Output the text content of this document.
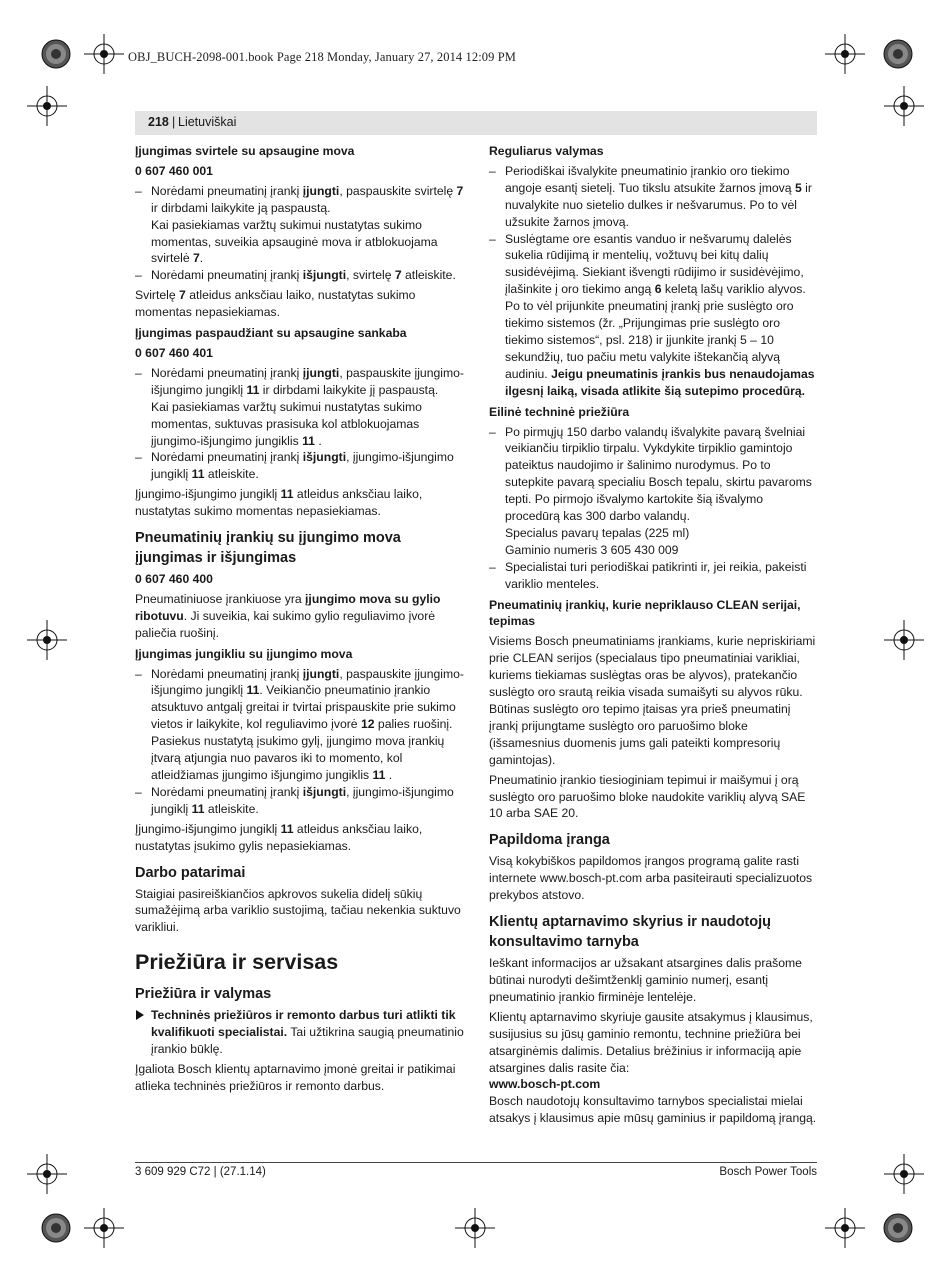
OBJ_BUCH-2098-001.book Page 218 Monday, January 27, 2014 12:09 PM
218 | Lietuviškai
Įjungimas svirtele su apsaugine mova
0 607 460 001
– Norėdami pneumatinį įrankį įjungti, paspauskite svirtelę 7 ir dirbdami laikykite ją paspaustą.
Kai pasiekiamas varžtų sukimui nustatytas sukimo momentas, suveikia apsauginė mova ir atblokuojama svirtelė 7.
– Norėdami pneumatinį įrankį išjungti, svirtelę 7 atleiskite.

Svirtelę 7 atleidus anksčiau laiko, nustatytas sukimo momentas nepasiekiamas.

Įjungimas paspaudžiant su apsaugine sankaba
0 607 460 401
– Norėdami pneumatinį įrankį įjungti, paspauskite įjungimo-išjungimo jungiklį 11 ir dirbdami laikykite jį paspaustą.
Kai pasiekiamas varžtų sukimui nustatytas sukimo momentas, suktuvas prasisuka kol atblokuojamas įjungimo-išjungimo jungiklis 11 .
– Norėdami pneumatinį įrankį išjungti, įjungimo-išjungimo jungiklį 11 atleiskite.

Įjungimo-išjungimo jungiklį 11 atleidus anksčiau laiko, nustatytas sukimo momentas nepasiekiamas.

Pneumatinių įrankių su įjungimo mova įjungimas ir išjungimas
0 607 460 400

Pneumatiniuose įrankiuose yra įjungimo mova su gylio ribotuvu. Ji suveikia, kai sukimo gylio reguliavimo įvorė paliečia ruošinį.

Įjungimas jungikliu su įjungimo mova
– Norėdami pneumatinį įrankį įjungti, paspauskite įjungimo-išjungimo jungiklį 11. Veikiančio pneumatinio įrankio atsuktuvo antgalį greitai ir tvirtai prispauskite prie sukimo vietos ir laikykite, kol reguliavimo įvorė 12 palies ruošinį.
Pasiekus nustatytą įsukimo gylį, įjungimo mova įrankių įtvarą atjungia nuo pavaros iki to momento, kol atleidžiamas įjungimo išjungimo jungiklis 11 .
– Norėdami pneumatinį įrankį išjungti, įjungimo-išjungimo jungiklį 11 atleiskite.

Įjungimo-išjungimo jungiklį 11 atleidus anksčiau laiko, nustatytas įsukimo gylis nepasiekiamas.

Darbo patarimai

Staigiai pasireiškiančios apkrovos sukelia didelį sūkių sumažėjimą arba variklio sustojimą, tačiau nekenkia suktuvo varikliui.

Priežiūra ir servisas
Priežiūra ir valymas
Techninės priežiūros ir remonto darbus turi atlikti tik kvalifikuoti specialistai. Tai užtikrina saugią pneumatinio įrankio būklę.

Įgaliota Bosch klientų aptarnavimo įmonė greitai ir patikimai atlieka techninės priežiūros ir remonto darbus.

Reguliarus valymas
– Periodiškai išvalykite pneumatinio įrankio oro tiekimo angoje esantį sietelį. Tuo tikslu atsukite žarnos įmovą 5 ir nuvalykite nuo sietelio dulkes ir nešvarumus. Po to vėl užsukite žarnos įmovą.
– Suslėgtame ore esantis vanduo ir nešvarumų dalelės sukelia rūdijimą ir mentelių, vožtuvų bei kitų dalių susidėvėjimą. Siekiant išvengti rūdijimo ir susidėvėjimo, įlašinkite į oro tiekimo angą 6 keletą lašų variklio alyvos. Po to vėl prijunkite pneumatinį įrankį prie suslėgto oro tiekimo sistemos (žr. „Prijungimas prie suslėgto oro tiekimo sistemos“, psl. 218) ir įjunkite įrankį 5 – 10 sekundžių, tuo pačiu metu valykite ištekančią alyvą audiniu. Jeigu pneumatinis įrankis bus nenaudojamas ilgesnį laiką, visada atlikite šią sutepimo procedūrą.
Eilinė techninė priežiūra
– Po pirmųjų 150 darbo valandų išvalykite pavarą švelniai veikiančiu tirpiklio tirpalu. Vykdykite tirpiklio gamintojo pateiktus naudojimo ir šalinimo nurodymus. Po to sutepkite pavarą specialiu Bosch tepalu, skirtu pavaroms tepti. Po pirmojo išvalymo kartokite šią išvalymo procedūrą kas 300 darbo valandų.
Specialus pavarų tepalas (225 ml)
Gaminio numeris 3 605 430 009
– Specialistai turi periodiškai patikrinti ir, jei reikia, pakeisti variklio menteles.
Pneumatinių įrankių, kurie nepriklauso CLEAN serijai, tepimas

Visiems Bosch pneumatiniams įrankiams, kurie nepriskiriami prie CLEAN serijos (specialaus tipo pneumatiniai varikliai, kuriems tiekiamas suslėgtas oras be alyvos), pratekančio suslėgto oro srautą reikia visada sumaišyti su alyvos rūku. Būtinas suslėgto oro tepimo įtaisas yra prieš pneumatinį įrankį prijungtame suslėgto oro paruošimo bloke (išsamesnius duomenis jums gali pateikti kompresorių gamintojas).

Pneumatinio įrankio tiesioginiam tepimui ir maišymui į orą suslėgto oro paruošimo bloke naudokite variklių alyvą SAE 10 arba SAE 20.

Papildoma įranga

Visą kokybiškos papildomos įrangos programą galite rasti internete www.bosch-pt.com arba pasiteirauti specializuotos prekybos atstovo.

Klientų aptarnavimo skyrius ir naudotojų konsultavimo tarnyba

Ieškant informacijos ar užsakant atsargines dalis prašome būtinai nurodyti dešimtženklį gaminio numerį, esantį pneumatinio įrankio firminėje lentelėje.

Klientų aptarnavimo skyriuje gausite atsakymus į klausimus, susijusius su jūsų gaminio remontu, technine priežiūra bei atsarginėmis dalimis. Detalius brėžinius ir informaciją apie atsargines dalis rasite čia:

www.bosch-pt.com

Bosch naudotojų konsultavimo tarnybos specialistai mielai atsakys į klausimus apie mūsų gaminius ir papildomą įrangą.

3 609 929 C72 | (27.1.14)	Bosch Power Tools
